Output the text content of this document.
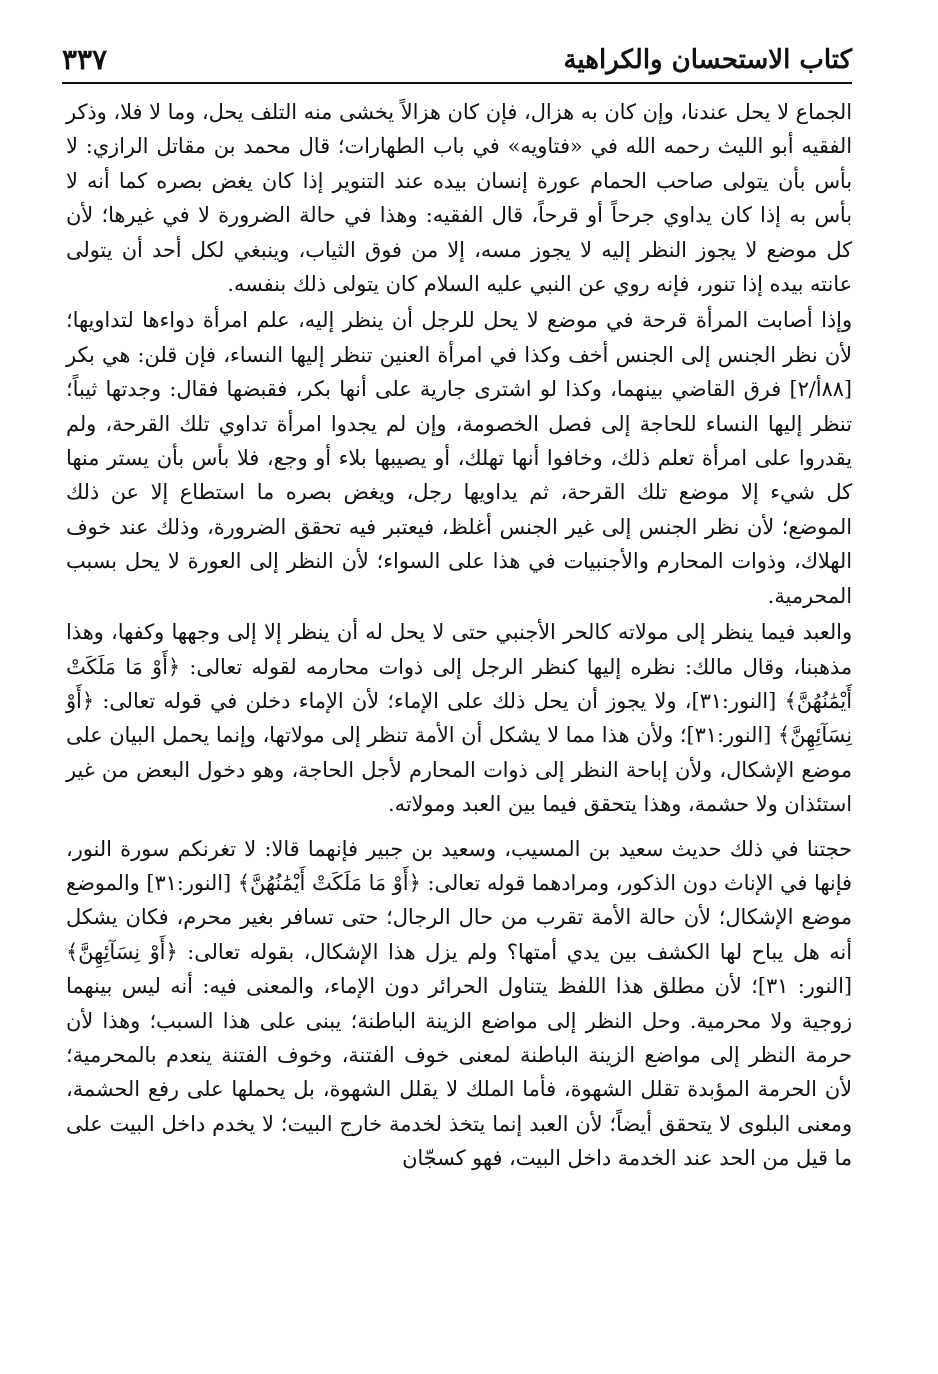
كتاب الاستحسان والكراهية
٣٣٧

الجماع لا يحل عندنا، وإن كان به هزال، فإن كان هزالاً يخشى منه التلف يحل، وما لا فلا، وذكر الفقيه أبو الليث رحمه الله في «فتاويه» في باب الطهارات؛ قال محمد بن مقاتل الرازي: لا بأس بأن يتولى صاحب الحمام عورة إنسان بيده عند التنوير إذا كان يغض بصره كما أنه لا بأس به إذا كان يداوي جرحاً أو قرحاً، قال الفقيه: وهذا في حالة الضرورة لا في غيرها؛ لأن كل موضع لا يجوز النظر إليه لا يجوز مسه، إلا من فوق الثياب، وينبغي لكل أحد أن يتولى عانته بيده إذا تنور، فإنه روي عن النبي عليه السلام كان يتولى ذلك بنفسه.

وإذا أصابت المرأة قرحة في موضع لا يحل للرجل أن ينظر إليه، علم امرأة دواءها لتداويها؛ لأن نظر الجنس إلى الجنس أخف وكذا في امرأة العنين تنظر إليها النساء، فإن قلن: هي بكر [٨٨أ/٢] فرق القاضي بينهما، وكذا لو اشترى جارية على أنها بكر، فقبضها فقال: وجدتها ثيباً؛ تنظر إليها النساء للحاجة إلى فصل الخصومة، وإن لم يجدوا امرأة تداوي تلك القرحة، ولم يقدروا على امرأة تعلم ذلك، وخافوا أنها تهلك، أو يصيبها بلاء أو وجع، فلا بأس بأن يستر منها كل شيء إلا موضع تلك القرحة، ثم يداويها رجل، ويغض بصره ما استطاع إلا عن ذلك الموضع؛ لأن نظر الجنس إلى غير الجنس أغلظ، فيعتبر فيه تحقق الضرورة، وذلك عند خوف الهلاك، وذوات المحارم والأجنبيات في هذا على السواء؛ لأن النظر إلى العورة لا يحل بسبب المحرمية.

والعبد فيما ينظر إلى مولاته كالحر الأجنبي حتى لا يحل له أن ينظر إلا إلى وجهها وكفها، وهذا مذهبنا، وقال مالك: نظره إليها كنظر الرجل إلى ذوات محارمه لقوله تعالى: ﴿أَوْ مَا مَلَكَتْ أَيْمَٰنُهُنَّ﴾ [النور:٣١]، ولا يجوز أن يحل ذلك على الإماء؛ لأن الإماء دخلن في قوله تعالى: ﴿أَوْ نِسَآئِهِنَّ﴾ [النور:٣١]؛ ولأن هذا مما لا يشكل أن الأمة تنظر إلى مولاتها، وإنما يحمل البيان على موضع الإشكال، ولأن إباحة النظر إلى ذوات المحارم لأجل الحاجة، وهو دخول البعض من غير استئذان ولا حشمة، وهذا يتحقق فيما بين العبد ومولاته.

حجتنا في ذلك حديث سعيد بن المسيب، وسعيد بن جبير فإنهما قالا: لا تغرنكم سورة النور، فإنها في الإناث دون الذكور، ومرادهما قوله تعالى: ﴿أَوْ مَا مَلَكَتْ أَيْمَٰنُهُنَّ﴾ [النور:٣١] والموضع موضع الإشكال؛ لأن حالة الأمة تقرب من حال الرجال؛ حتى تسافر بغير محرم، فكان يشكل أنه هل يباح لها الكشف بين يدي أمتها؟ ولم يزل هذا الإشكال، بقوله تعالى: ﴿أَوْ نِسَآئِهِنَّ﴾ [النور: ٣١]؛ لأن مطلق هذا اللفظ يتناول الحرائر دون الإماء، والمعنى فيه: أنه ليس بينهما زوجية ولا محرمية. وحل النظر إلى مواضع الزينة الباطنة؛ يبنى على هذا السبب؛ وهذا لأن حرمة النظر إلى مواضع الزينة الباطنة لمعنى خوف الفتنة، وخوف الفتنة ينعدم بالمحرمية؛ لأن الحرمة المؤبدة تقلل الشهوة، فأما الملك لا يقلل الشهوة، بل يحملها على رفع الحشمة، ومعنى البلوى لا يتحقق أيضاً؛ لأن العبد إنما يتخذ لخدمة خارج البيت؛ لا يخدم داخل البيت على ما قيل من الحد عند الخدمة داخل البيت، فهو كسجّان
